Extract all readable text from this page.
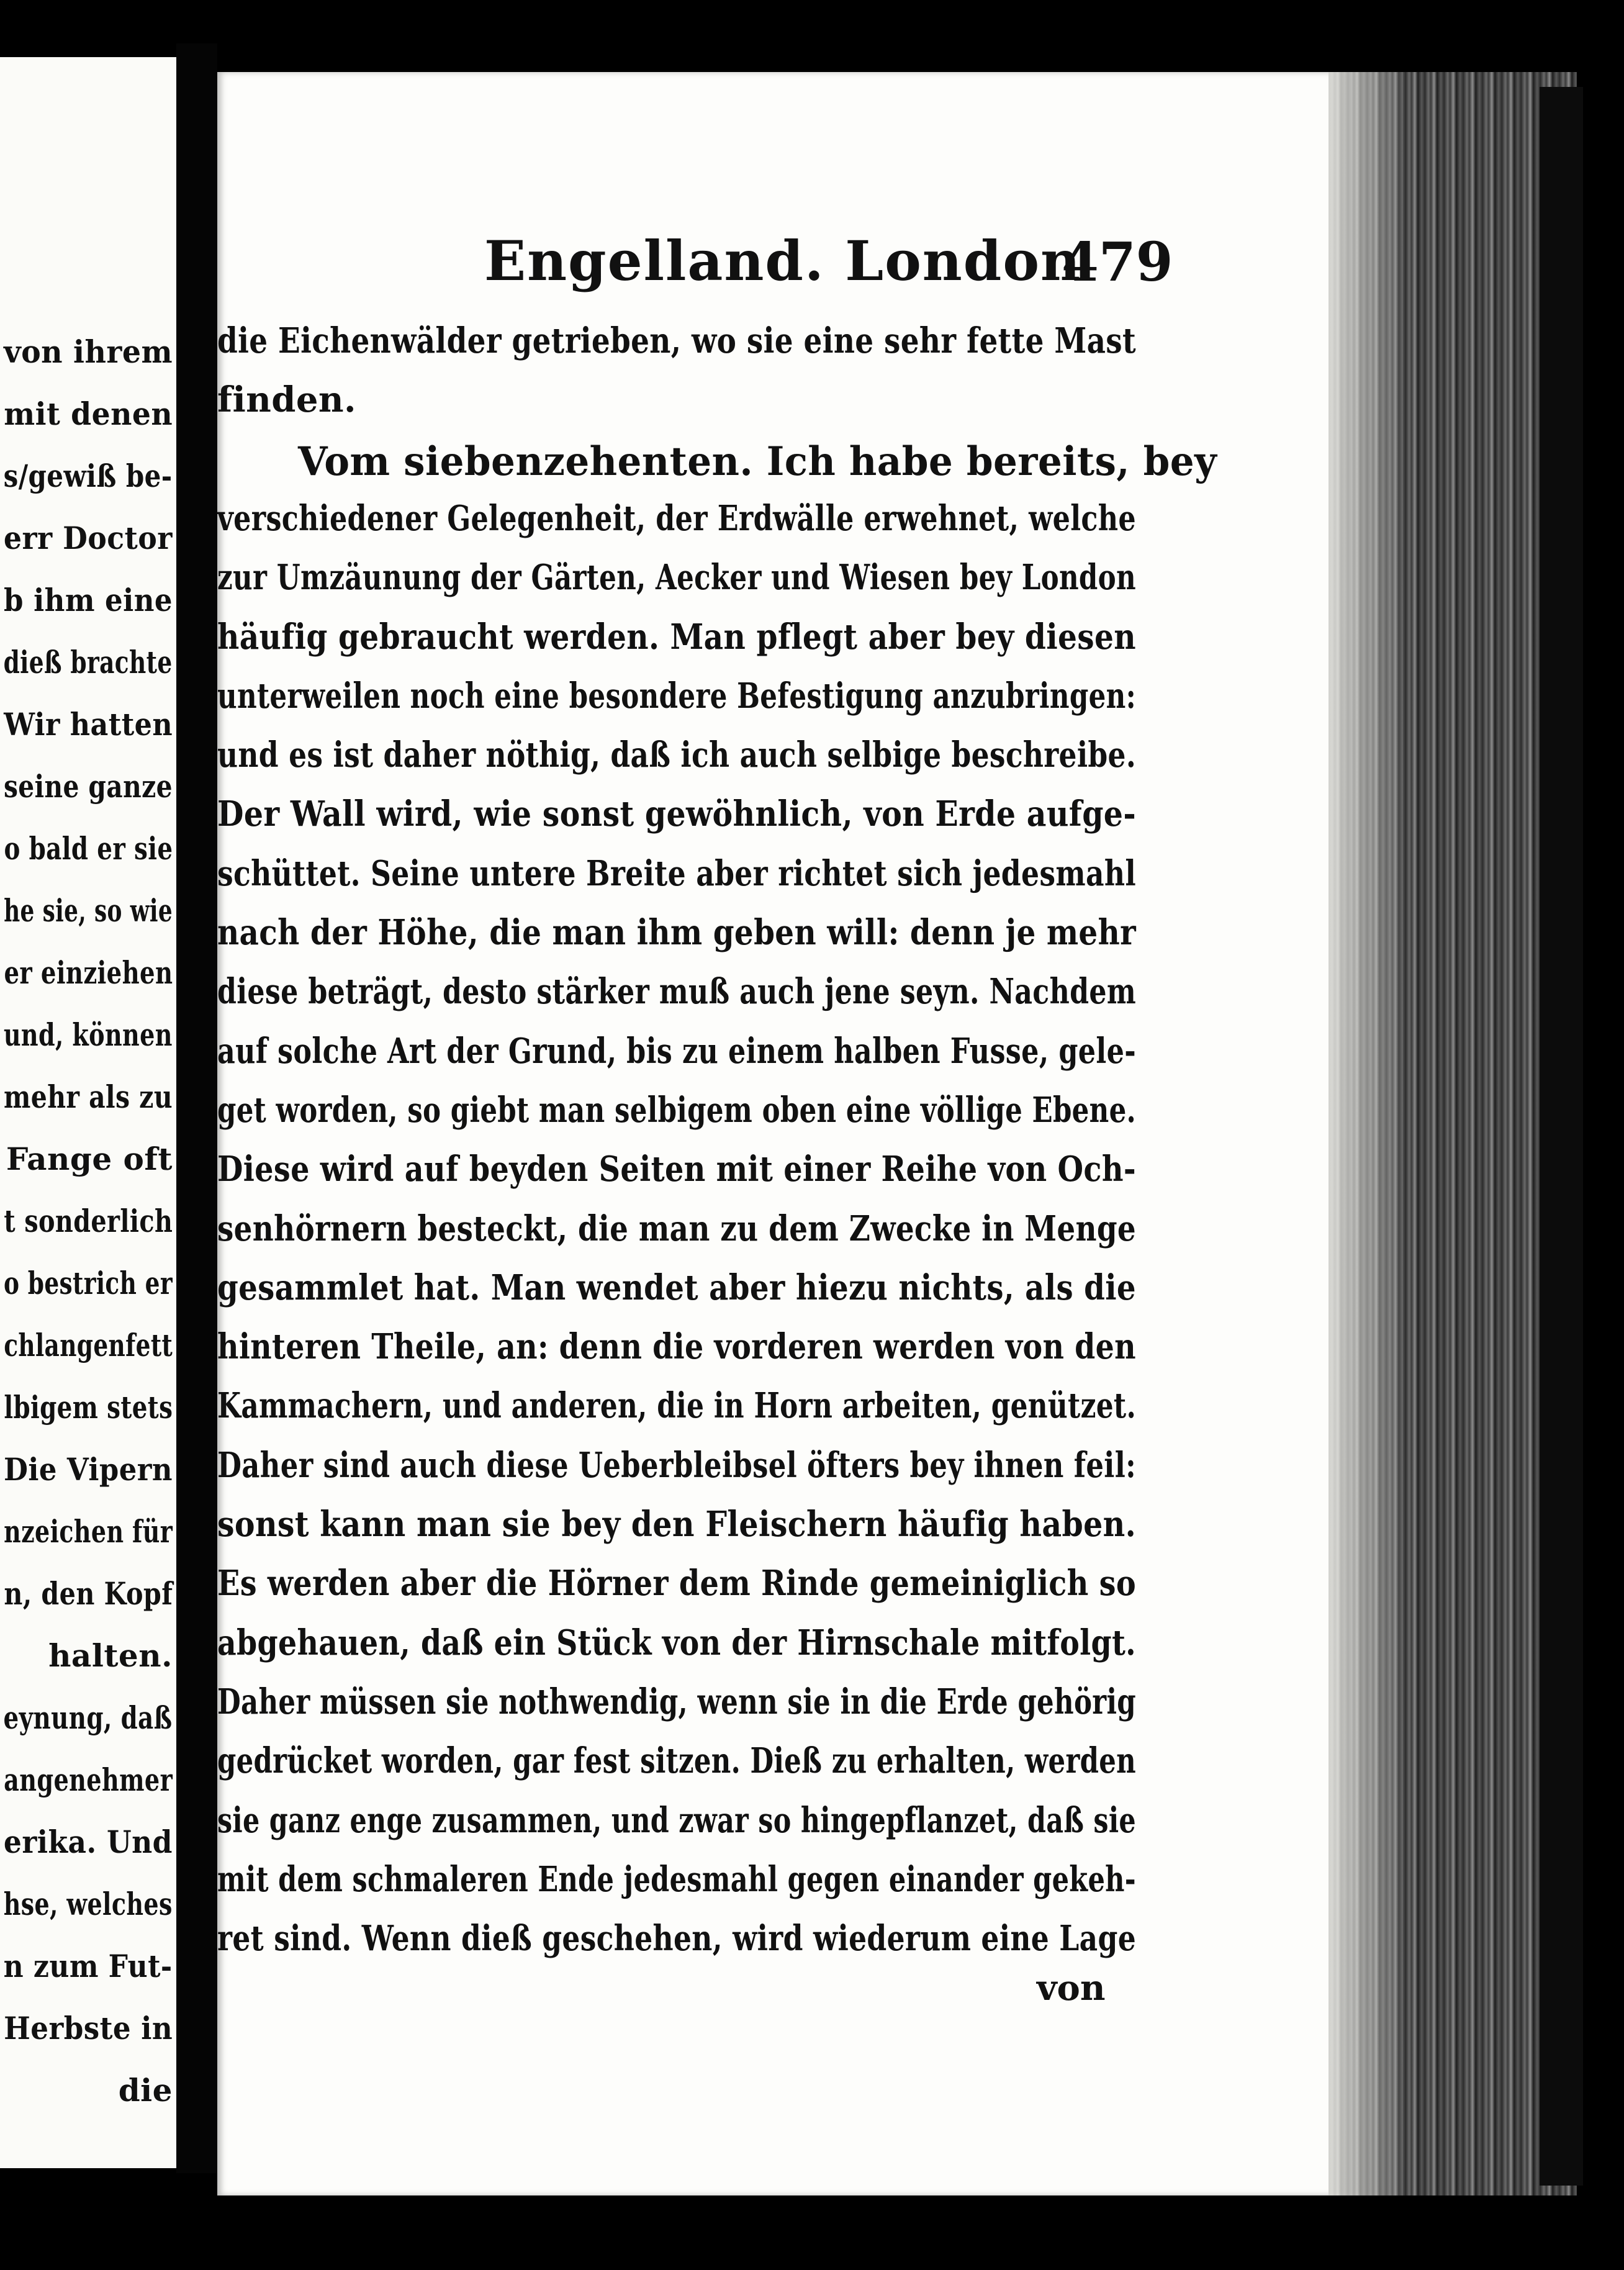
von ihrem
mit denen
s/gewiß be-
err Doctor
b ihm eine
dieß brachte
Wir hatten
seine ganze
o bald er sie
he sie, so wie
er einziehen
und, können
mehr als zu
Fange oft
t sonderlich
o bestrich er
chlangenfett
lbigem stets
Die Vipern
nzeichen für
n, den Kopf
halten.
eynung, daß
angenehmer
erika. Und
hse, welches
n zum Fut-
Herbste in
die
Engelland. London
479
die Eichenwälder getrieben, wo sie eine sehr fette Mast
finden.
Vom siebenzehenten. Ich habe bereits, bey
verschiedener Gelegenheit, der Erdwälle erwehnet, welche
zur Umzäunung der Gärten, Aecker und Wiesen bey London
häufig gebraucht werden. Man pflegt aber bey diesen
unterweilen noch eine besondere Befestigung anzubringen:
und es ist daher nöthig, daß ich auch selbige beschreibe.
Der Wall wird, wie sonst gewöhnlich, von Erde aufge-
schüttet. Seine untere Breite aber richtet sich jedesmahl
nach der Höhe, die man ihm geben will: denn je mehr
diese beträgt, desto stärker muß auch jene seyn. Nachdem
auf solche Art der Grund, bis zu einem halben Fusse, gele-
get worden, so giebt man selbigem oben eine völlige Ebene.
Diese wird auf beyden Seiten mit einer Reihe von Och-
senhörnern besteckt, die man zu dem Zwecke in Menge
gesammlet hat. Man wendet aber hiezu nichts, als die
hinteren Theile, an: denn die vorderen werden von den
Kammachern, und anderen, die in Horn arbeiten, genützet.
Daher sind auch diese Ueberbleibsel öfters bey ihnen feil:
sonst kann man sie bey den Fleischern häufig haben.
Es werden aber die Hörner dem Rinde gemeiniglich so
abgehauen, daß ein Stück von der Hirnschale mitfolgt.
Daher müssen sie nothwendig, wenn sie in die Erde gehörig
gedrücket worden, gar fest sitzen. Dieß zu erhalten, werden
sie ganz enge zusammen, und zwar so hingepflanzet, daß sie
mit dem schmaleren Ende jedesmahl gegen einander gekeh-
ret sind. Wenn dieß geschehen, wird wiederum eine Lage
von
